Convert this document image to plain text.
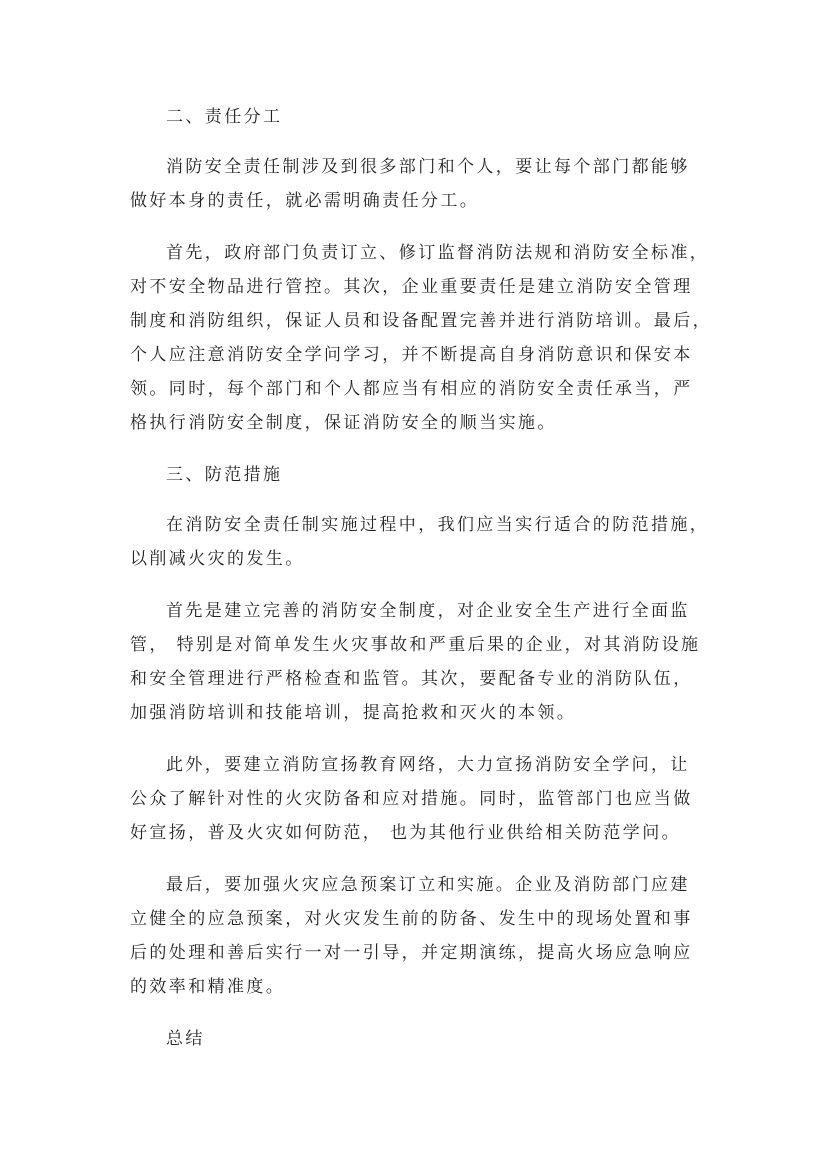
二、责任分工
消防安全责任制涉及到很多部门和个人，要让每个部门都能够
做好本身的责任，就必需明确责任分工。
首先，政府部门负责订立、修订监督消防法规和消防安全标准，
对不安全物品进行管控。其次，企业重要责任是建立消防安全管理
制度和消防组织，保证人员和设备配置完善并进行消防培训。最后，
个人应注意消防安全学问学习，并不断提高自身消防意识和保安本
领。同时，每个部门和个人都应当有相应的消防安全责任承当，严
格执行消防安全制度，保证消防安全的顺当实施。
三、防范措施
在消防安全责任制实施过程中，我们应当实行适合的防范措施，
以削减火灾的发生。
首先是建立完善的消防安全制度，对企业安全生产进行全面监
管， 特别是对简单发生火灾事故和严重后果的企业，对其消防设施
和安全管理进行严格检查和监管。其次，要配备专业的消防队伍，
加强消防培训和技能培训，提高抢救和灭火的本领。
此外，要建立消防宣扬教育网络，大力宣扬消防安全学问，让
公众了解针对性的火灾防备和应对措施。同时，监管部门也应当做
好宣扬，普及火灾如何防范， 也为其他行业供给相关防范学问。
最后，要加强火灾应急预案订立和实施。企业及消防部门应建
立健全的应急预案，对火灾发生前的防备、发生中的现场处置和事
后的处理和善后实行一对一引导，并定期演练，提高火场应急响应
的效率和精准度。
总结
